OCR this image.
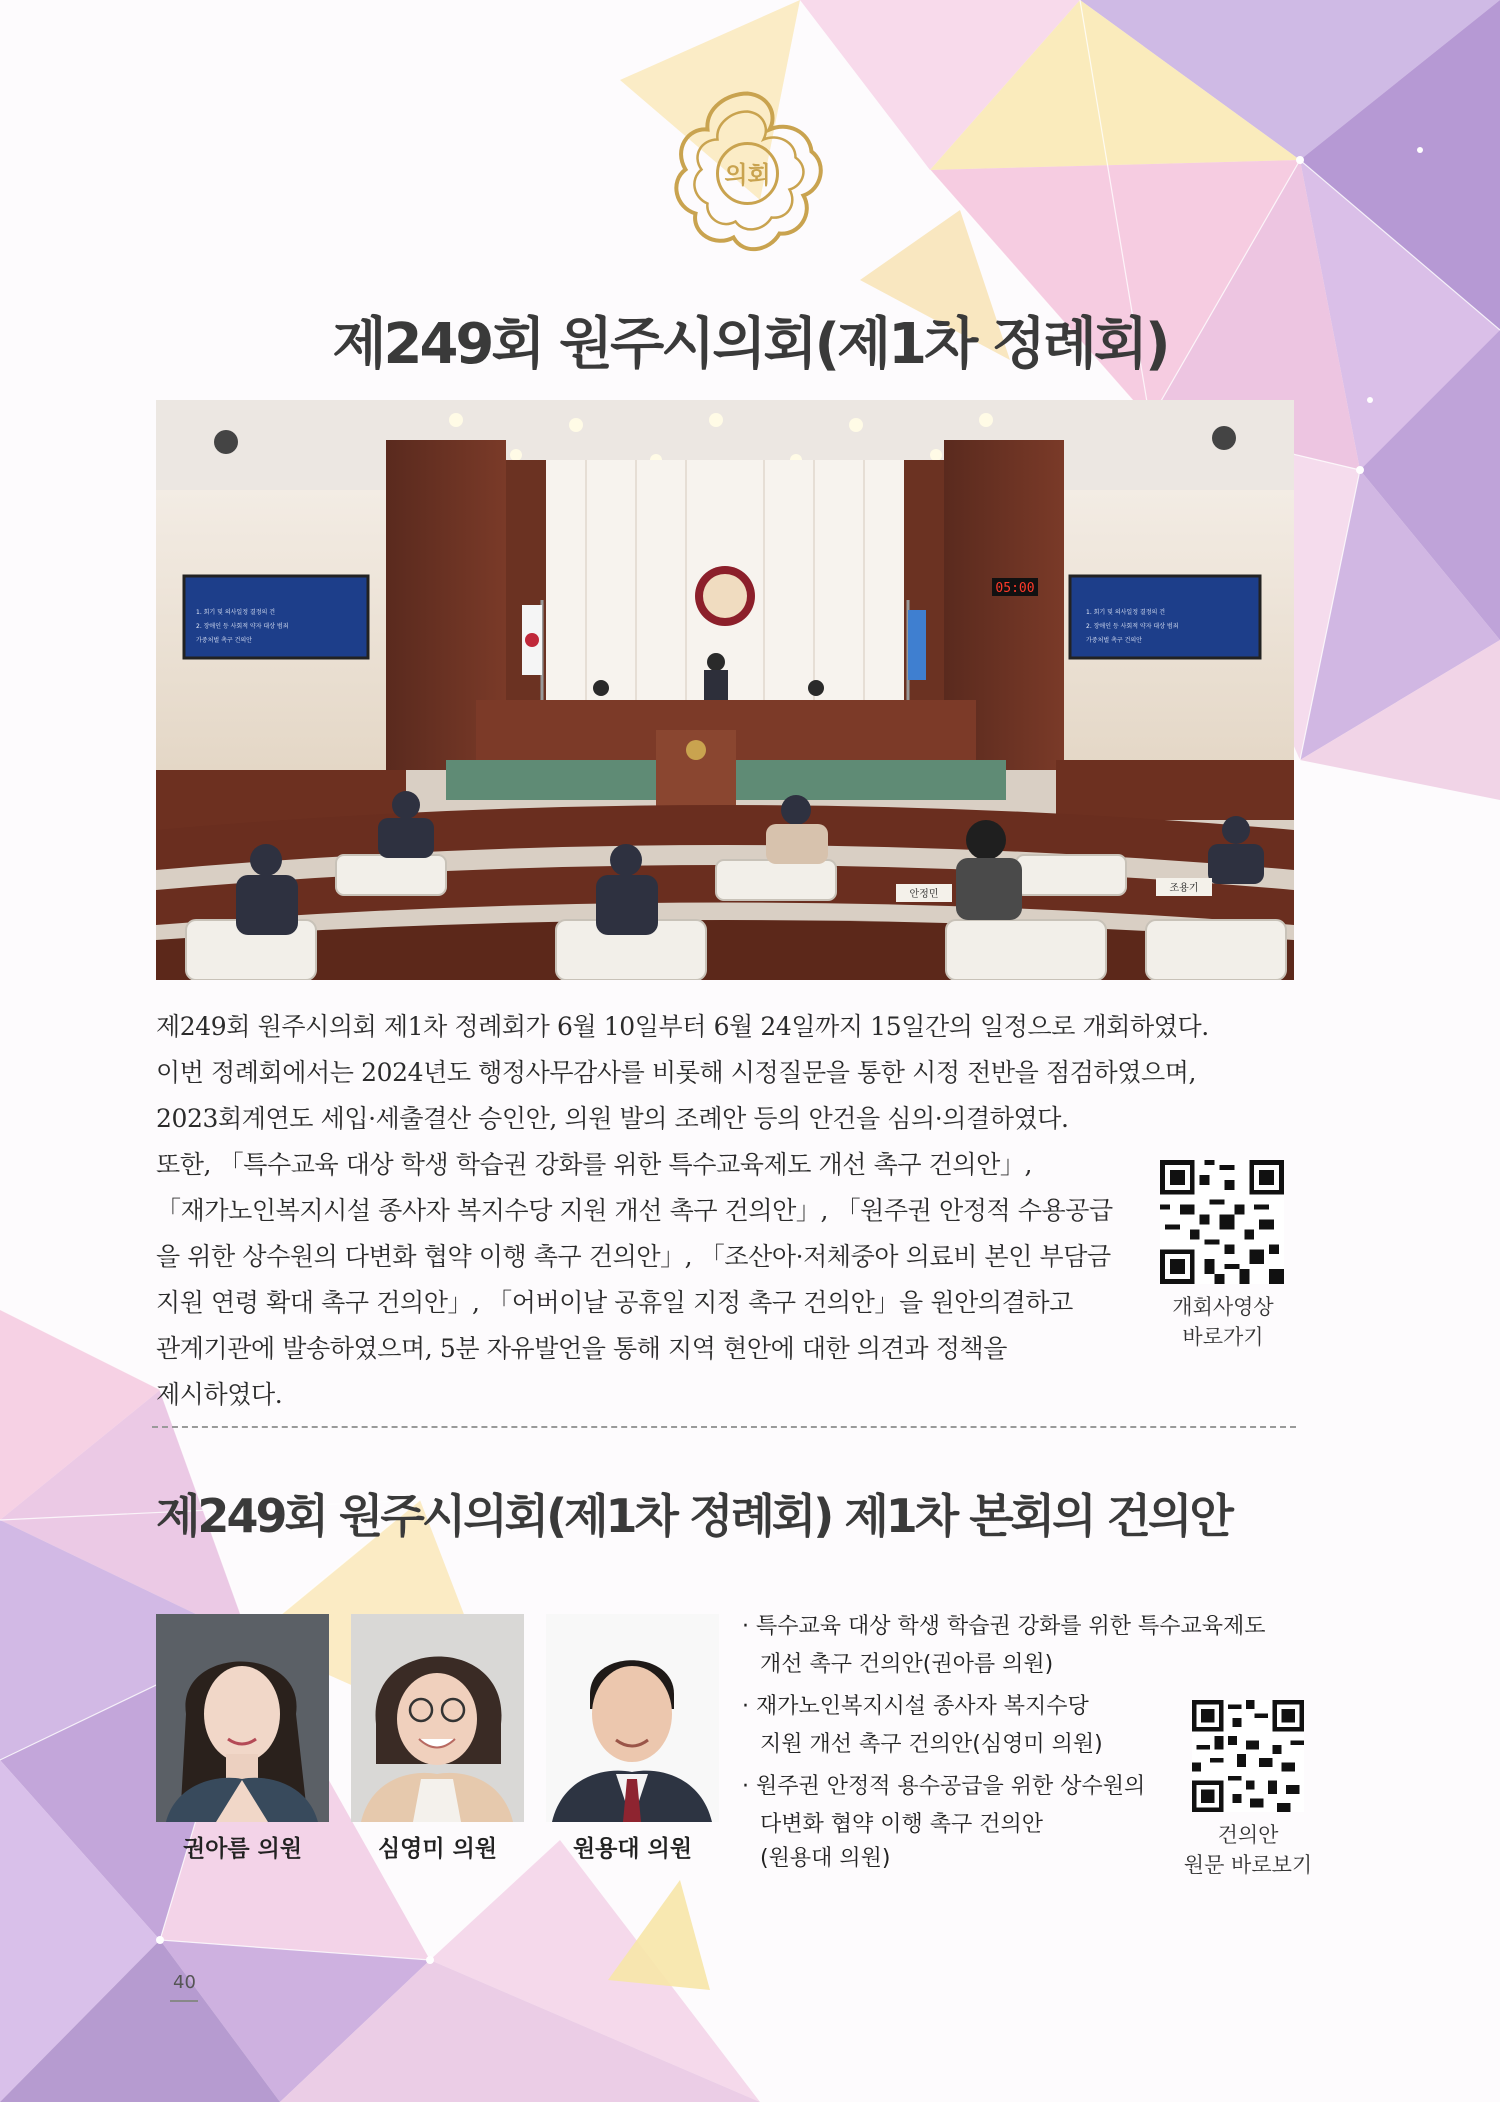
의회
제249회 원주시의회(제1차 정례회)
1. 회기 및 의사일정 결정의 건
2. 장애인 등 사회적 약자 대상 범죄
가중처벌 촉구 건의안
1. 회기 및 의사일정 결정의 건
2. 장애인 등 사회적 약자 대상 범죄
가중처벌 촉구 건의안
05:00
안정민
조용기
제249회 원주시의회 제1차 정례회가 6월 10일부터 6월 24일까지 15일간의 일정으로 개회하였다.
이번 정례회에서는 2024년도 행정사무감사를 비롯해 시정질문을 통한 시정 전반을 점검하였으며,
2023회계연도 세입·세출결산 승인안, 의원 발의 조례안 등의 안건을 심의·의결하였다.
또한, 「특수교육 대상 학생 학습권 강화를 위한 특수교육제도 개선 촉구 건의안」,
「재가노인복지시설 종사자 복지수당 지원 개선 촉구 건의안」, 「원주권 안정적 수용공급
을 위한 상수원의 다변화 협약 이행 촉구 건의안」, 「조산아·저체중아 의료비 본인 부담금
지원 연령 확대 촉구 건의안」, 「어버이날 공휴일 지정 촉구 건의안」을 원안의결하고
관계기관에 발송하였으며, 5분 자유발언을 통해 지역 현안에 대한 의견과 정책을
제시하였다.
개회사영상
바로가기
제249회 원주시의회(제1차 정례회) 제1차 본회의 건의안
권아름 의원	심영미 의원	원용대 의원
· 특수교육 대상 학생 학습권 강화를 위한 특수교육제도
개선 촉구 건의안(권아름 의원)
· 재가노인복지시설 종사자 복지수당
지원 개선 촉구 건의안(심영미 의원)
· 원주권 안정적 용수공급을 위한 상수원의
다변화 협약 이행 촉구 건의안
(원용대 의원)
건의안
원문 바로보기
40
